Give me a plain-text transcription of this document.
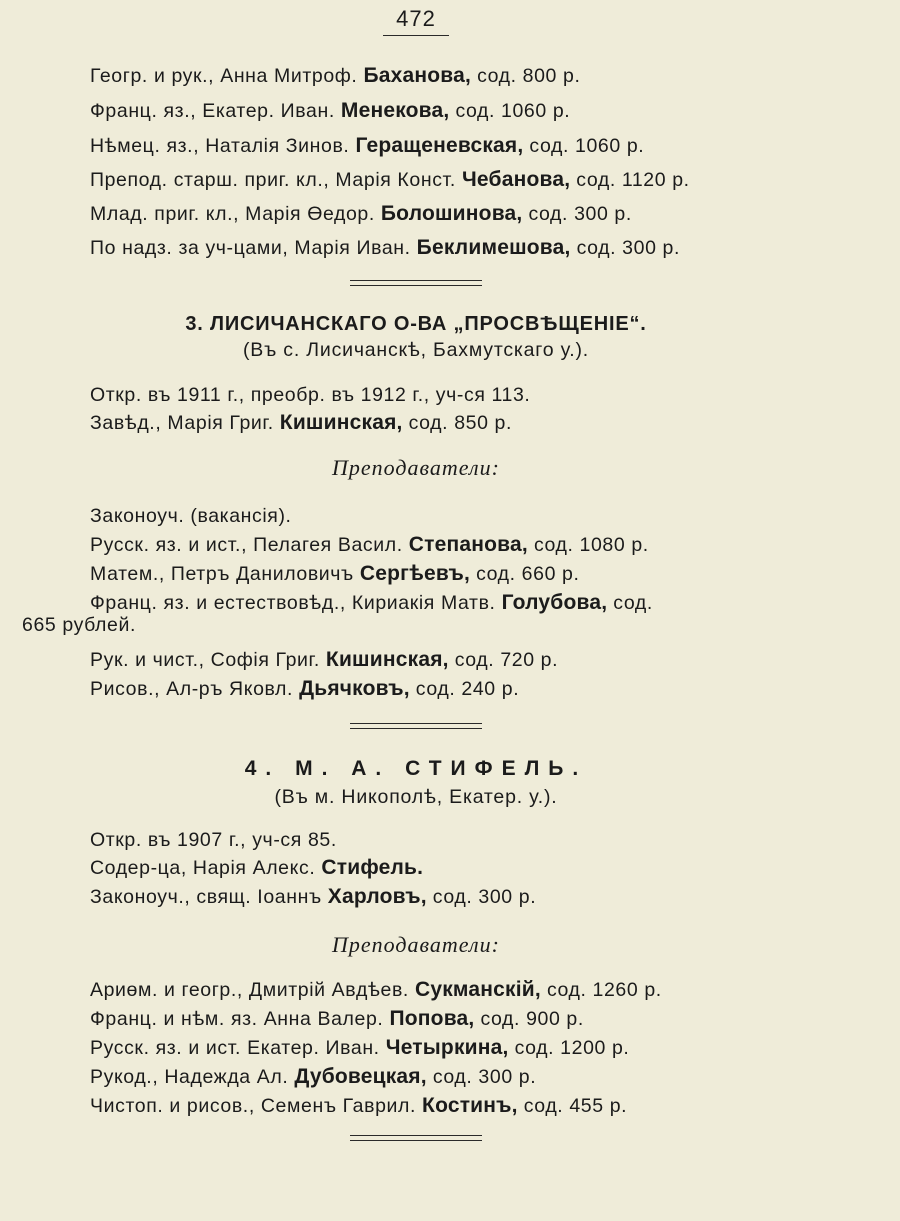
472
Геогр. и рук., Анна Митроф. Баханова, сод. 800 р.
Франц. яз., Екатер. Иван. Менекова, сод. 1060 р.
Нѣмец. яз., Наталія Зинов. Геращеневская, сод. 1060 р.
Препод. старш. приг. кл., Марія Конст. Чебанова, сод. 1120 р.
Млад. приг. кл., Марія Өедор. Болошинова, сод. 300 р.
По надз. за уч-цами, Марія Иван. Беклимешова, сод. 300 р.
3. ЛИСИЧАНСКАГО О-ВА „ПРОСВѢЩЕНІЕ“.
(Въ с. Лисичанскѣ, Бахмутскаго у.).
Откр. въ 1911 г., преобр. въ 1912 г., уч-ся 113.
Завѣд., Марія Григ. Кишинская, сод. 850 р.
Преподаватели:
Законоуч. (вакансія).
Русск. яз. и ист., Пелагея Васил. Степанова, сод. 1080 р.
Матем., Петръ Даниловичъ Сергѣевъ, сод. 660 р.
Франц. яз. и естествовѣд., Кириакія Матв. Голубова, сод.
665 рублей.
Рук. и чист., Софія Григ. Кишинская, сод. 720 р.
Рисов., Ал-ръ Яковл. Дьячковъ, сод. 240 р.
4. М. А. СТИФЕЛЬ.
(Въ м. Никополѣ, Екатер. у.).
Откр. въ 1907 г., уч-ся 85.
Содер-ца, Нарія Алекс. Стифель.
Законоуч., свящ. Іоаннъ Харловъ, сод. 300 р.
Преподаватели:
Ариөм. и геогр., Дмитрій Авдѣев. Сукманскій, сод. 1260 р.
Франц. и нѣм. яз. Анна Валер. Попова, сод. 900 р.
Русск. яз. и ист. Екатер. Иван. Четыркина, сод. 1200 р.
Рукод., Надежда Ал. Дубовецкая, сод. 300 р.
Чистоп. и рисов., Семенъ Гаврил. Костинъ, сод. 455 р.
